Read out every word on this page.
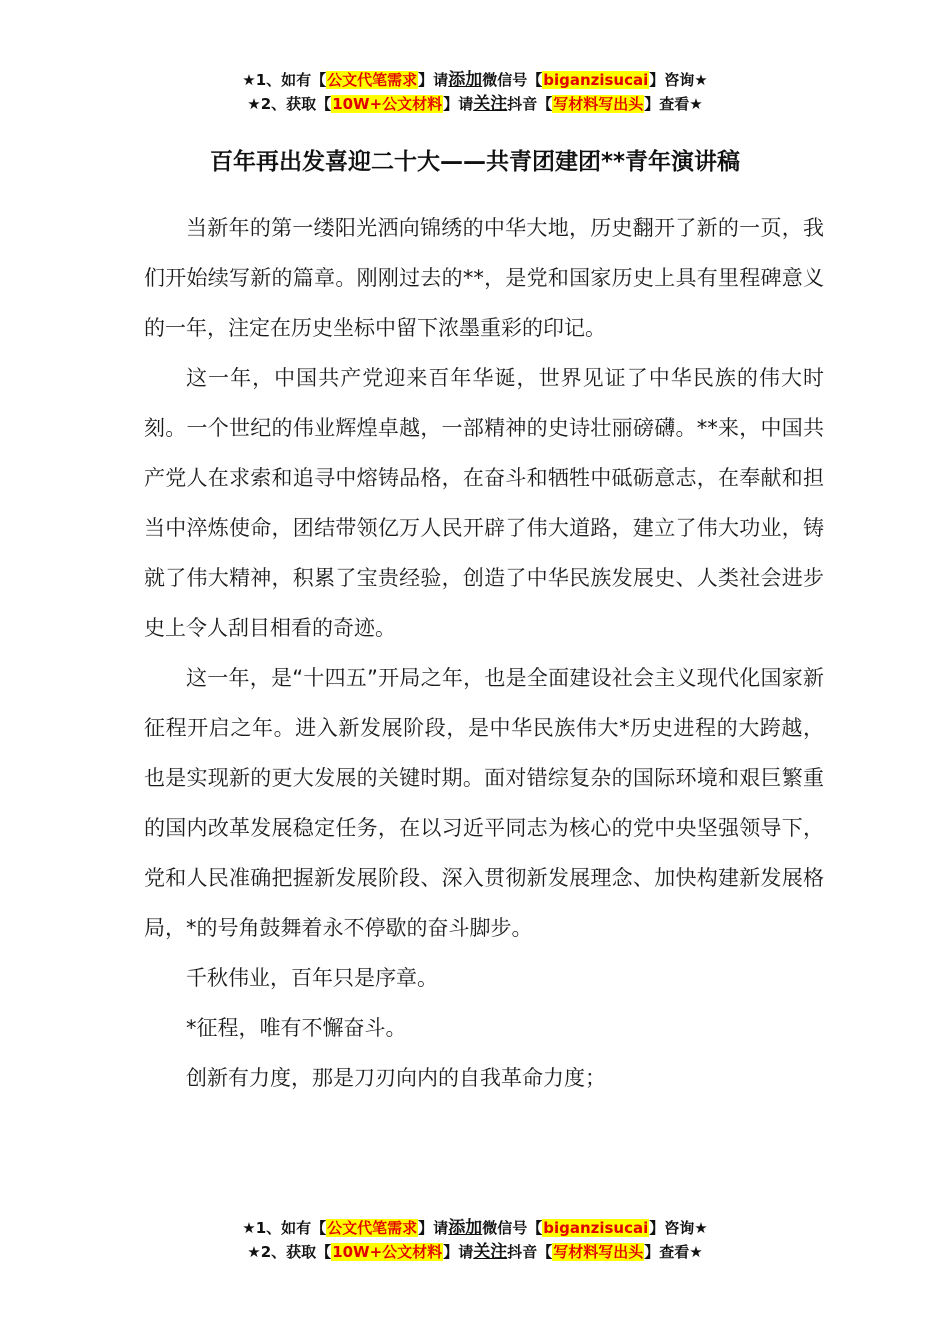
★1、如有【公文代笔需求】请添加微信号【biganzisucai】咨询★
★2、获取【10W+公文材料】请关注抖音【写材料写出头】查看★
百年再出发喜迎二十大——共青团建团**青年演讲稿

当新年的第一缕阳光洒向锦绣的中华大地，历史翻开了新的一页，我们开始续写新的篇章。刚刚过去的**，是党和国家历史上具有里程碑意义的一年，注定在历史坐标中留下浓墨重彩的印记。

这一年，中国共产党迎来百年华诞，世界见证了中华民族的伟大时刻。一个世纪的伟业辉煌卓越，一部精神的史诗壮丽磅礴。**来，中国共产党人在求索和追寻中熔铸品格，在奋斗和牺牲中砥砺意志，在奉献和担当中淬炼使命，团结带领亿万人民开辟了伟大道路，建立了伟大功业，铸就了伟大精神，积累了宝贵经验，创造了中华民族发展史、人类社会进步史上令人刮目相看的奇迹。

这一年，是“十四五”开局之年，也是全面建设社会主义现代化国家新征程开启之年。进入新发展阶段，是中华民族伟大*历史进程的大跨越，也是实现新的更大发展的关键时期。面对错综复杂的国际环境和艰巨繁重的国内改革发展稳定任务，在以习近平同志为核心的党中央坚强领导下，党和人民准确把握新发展阶段、深入贯彻新发展理念、加快构建新发展格局，*的号角鼓舞着永不停歇的奋斗脚步。

千秋伟业，百年只是序章。

*征程，唯有不懈奋斗。

创新有力度，那是刀刃向内的自我革命力度；

★1、如有【公文代笔需求】请添加微信号【biganzisucai】咨询★
★2、获取【10W+公文材料】请关注抖音【写材料写出头】查看★
